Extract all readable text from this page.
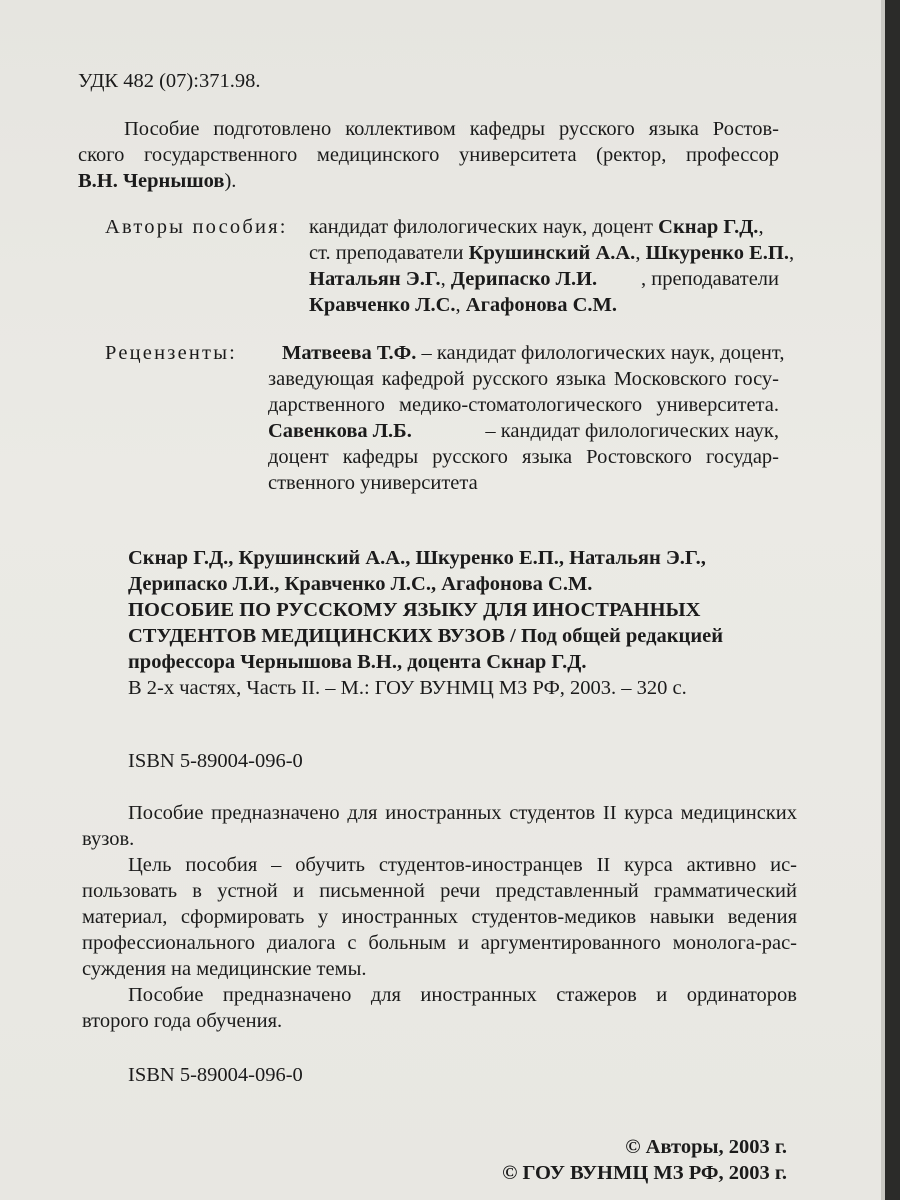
УДК 482 (07):371.98.
Пособие подготовлено коллективом кафедры русского языка Ростов-
ского государственного медицинского университета (ректор, профессор
В.Н. Чернышов).
Авторы пособия: кандидат филологических наук, доцент Скнар Г.Д.,
ст. преподаватели Крушинский А.А., Шкуренко Е.П.,
Натальян Э.Г., Дерипаско Л.И. , преподаватели
Кравченко Л.С., Агафонова С.М.
Рецензенты: Матвеева Т.Ф. – кандидат филологических наук, доцент,
заведующая кафедрой русского языка Московского госу-
дарственного медико-стоматологического университета.
Савенкова Л.Б.	– кандидат филологических наук,
доцент кафедры русского языка Ростовского государ-
ственного университета
Скнар Г.Д., Крушинский А.А., Шкуренко Е.П., Натальян Э.Г.,
Дерипаско Л.И., Кравченко Л.С., Агафонова С.М.
ПОСОБИЕ ПО РУССКОМУ ЯЗЫКУ ДЛЯ ИНОСТРАННЫХ
СТУДЕНТОВ МЕДИЦИНСКИХ ВУЗОВ / Под общей редакцией
профессора Чернышова В.Н., доцента Скнар Г.Д.
В 2-х частях, Часть II. – М.: ГОУ ВУНМЦ МЗ РФ, 2003. – 320 с.
ISBN 5-89004-096-0
Пособие предназначено для иностранных студентов II курса медицинских
вузов.
Цель пособия – обучить студентов-иностранцев II курса активно ис-
пользовать в устной и письменной речи представленный грамматический
материал, сформировать у иностранных студентов-медиков навыки ведения
профессионального диалога с больным и аргументированного монолога-рас-
суждения на медицинские темы.
Пособие предназначено для иностранных стажеров и ординаторов
второго года обучения.
ISBN 5-89004-096-0
© Авторы, 2003 г.
© ГОУ ВУНМЦ МЗ РФ, 2003 г.
